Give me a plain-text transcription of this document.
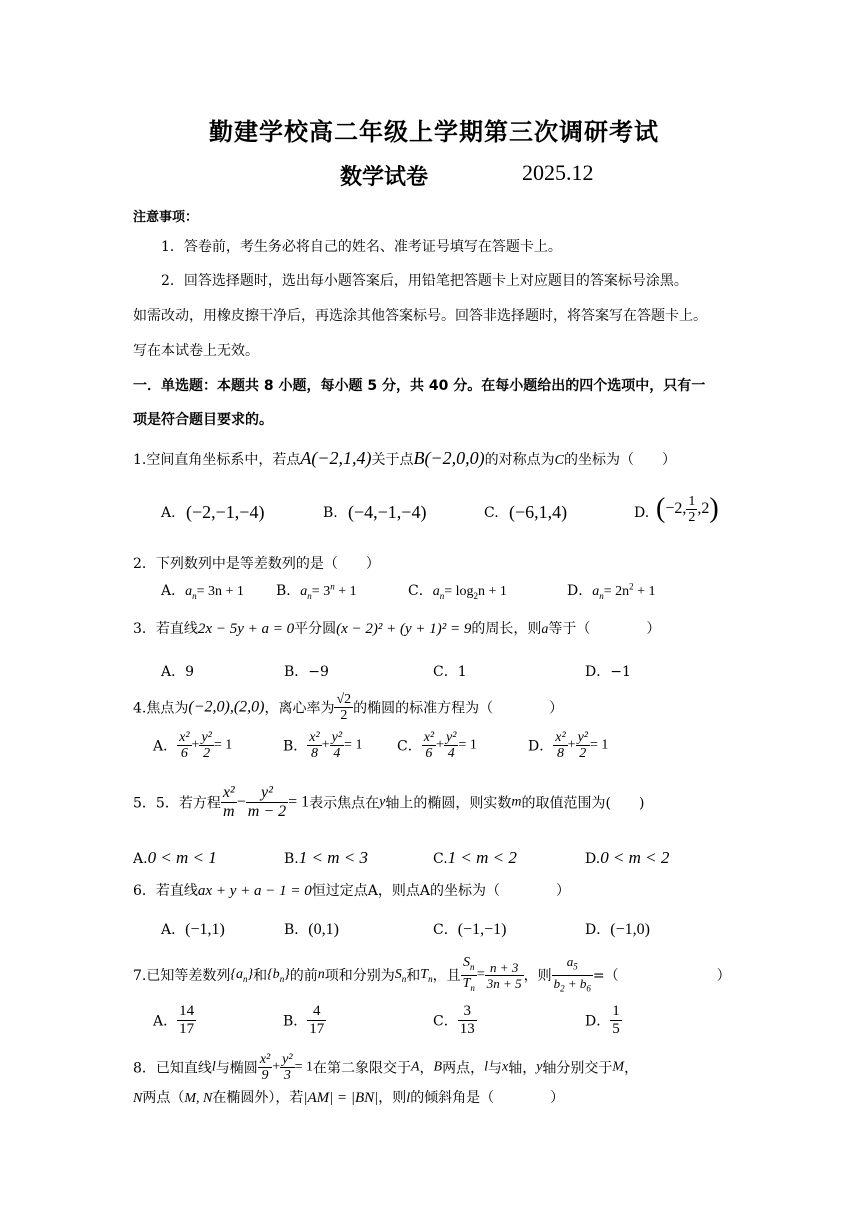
勤建学校高二年级上学期第三次调研考试
数学试卷	2025.12
注意事项：
1．答卷前，考生务必将自己的姓名、准考证号填写在答题卡上。
2．回答选择题时，选出每小题答案后，用铅笔把答题卡上对应题目的答案标号涂黑。
如需改动，用橡皮擦干净后，再选涂其他答案标号。回答非选择题时，将答案写在答题卡上。
写在本试卷上无效。
一．单选题：本题共 8 小题，每小题 5 分，共 40 分。在每小题给出的四个选项中，只有一
项是符合题目要求的。
1.空间直角坐标系中，若点A(−2,1,4)关于点B(−2,0,0)的对称点为C的坐标为（　　）
A. (−2,−1,−4)	B. (−4,−1,−4)	C. (−6,1,4)	D. (−2, $\frac{1}{2} ,2$)
2．下列数列中是等差数列的是（　　）
A．$a_n= 3n + 1$ B．$a_n= 3^n + 1$	C．$a_n= \log_2n + 1$	D．$a_n= 2n^2 + 1$
3．若直线2x − 5y + a = 0平分圆(x − 2)² + (y + 1)² = 9的周长，则a等于（　　　　）
A．9	B．−9	C．1	D．−1
4.焦点为(−2,0),(2,0)，离心率为 $\frac{√2}{2}$ 的椭圆的标准方程为（　　　　）
A． $\frac{\text{x²}}{6} + \frac{\text{y²}}{2} = 1$	B． $\frac{\text{x²}}{8} + \frac{\text{y²}}{4} = 1$ C． $\frac{\text{x²}}{6} + \frac{\text{y²}}{4} = 1$	D． $\frac{\text{x²}}{8} + \frac{\text{y²}}{2} = 1$
5．5．若方程 $\frac{\text{x²}}{m} - \frac{\text{y²}}{m - 2} = 1$表示焦点在y轴上的椭圆，则实数m的取值范围为(　　)
A.0 < m < 1	B.1 < m < 3	C.1 < m < 2	D.0 < m < 2
6．若直线ax + y + a − 1 = 0恒过定点A，则点A的坐标为（　　　　）
A．(−1,1)	B．(0,1)	C．(−1,−1)	D．(−1,0)
7.已知等差数列$\{a_n\}$和$\{b_n\}$的前n项和分别为$S_n$和$T_n$，且 $\frac{S_n}{T_n} = \frac{n + 3}{3n + 5}$ ，则 $\frac{a_5}{b_2 + b_6}$ =（　　　　　　　）
A． $\frac{14}{17}$	B． $\frac{4}{17}$	C． $\frac{3}{13}$	D． $\frac{1}{5}$
8．已知直线l与椭圆 $\frac{\text{x²}}{9} + \frac{\text{y²}}{3} = 1$在第二象限交于A，B两点，l与x轴，y轴分别交于M，
N两点（M, N在椭圆外），若|AM| = |BN|，则l的倾斜角是（　　　　）
